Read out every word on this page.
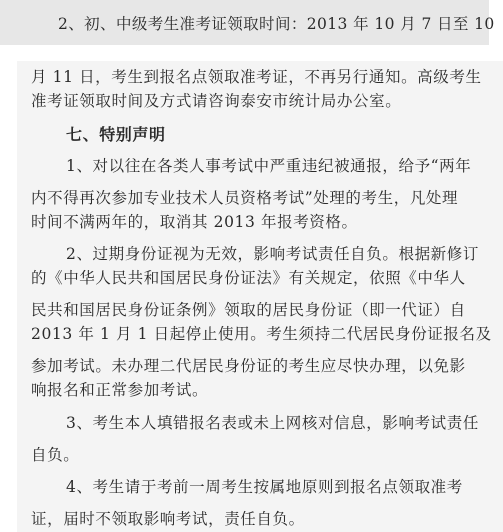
2、初、中级考生准考证领取时间：2013 年 10 月 7 日至 10
月 11 日，考生到报名点领取准考证，不再另行通知。高级考生
准考证领取时间及方式请咨询泰安市统计局办公室。
七、特别声明
1、对以往在各类人事考试中严重违纪被通报，给予“两年
内不得再次参加专业技术人员资格考试”处理的考生，凡处理
时间不满两年的，取消其 2013 年报考资格。
2、过期身份证视为无效，影响考试责任自负。根据新修订
的《中华人民共和国居民身份证法》有关规定，依照《中华人
民共和国居民身份证条例》领取的居民身份证（即一代证）自
2013 年 1 月 1 日起停止使用。考生须持二代居民身份证报名及
参加考试。未办理二代居民身份证的考生应尽快办理，以免影
响报名和正常参加考试。
3、考生本人填错报名表或未上网核对信息，影响考试责任
自负。
4、考生请于考前一周考生按属地原则到报名点领取准考
证，届时不领取影响考试，责任自负。
